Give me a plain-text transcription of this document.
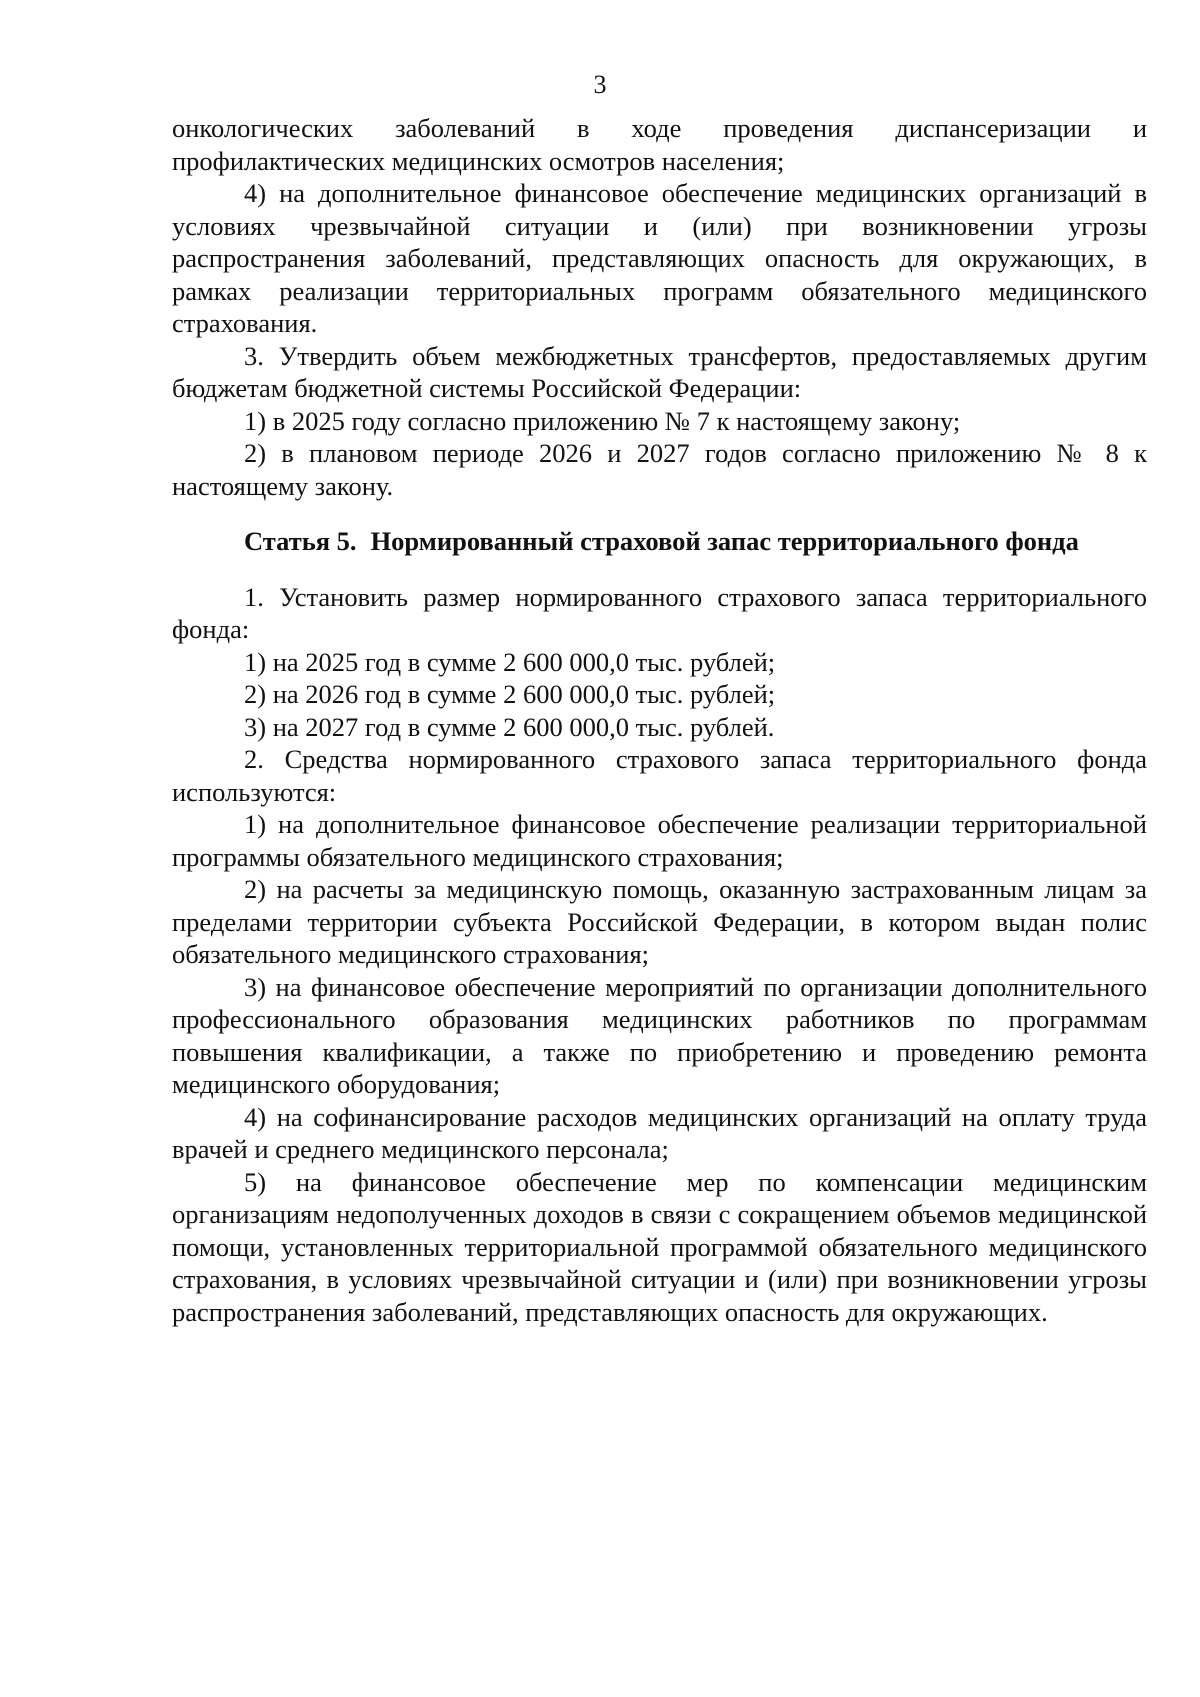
3

онкологических заболеваний в ходе проведения диспансеризации и профилактических медицинских осмотров населения;

4) на дополнительное финансовое обеспечение медицинских организаций в условиях чрезвычайной ситуации и (или) при возникновении угрозы распространения заболеваний, представляющих опасность для окружающих, в рамках реализации территориальных программ обязательного медицинского страхования.

3. Утвердить объем межбюджетных трансфертов, предоставляемых другим бюджетам бюджетной системы Российской Федерации:

1) в 2025 году согласно приложению № 7 к настоящему закону;

2) в плановом периоде 2026 и 2027 годов согласно приложению № 8 к настоящему закону.

Статья 5. Нормированный страховой запас территориального фонда

1. Установить размер нормированного страхового запаса территориального фонда:

1) на 2025 год в сумме 2 600 000,0 тыс. рублей;

2) на 2026 год в сумме 2 600 000,0 тыс. рублей;

3) на 2027 год в сумме 2 600 000,0 тыс. рублей.

2. Средства нормированного страхового запаса территориального фонда используются:

1) на дополнительное финансовое обеспечение реализации территориальной программы обязательного медицинского страхования;

2) на расчеты за медицинскую помощь, оказанную застрахованным лицам за пределами территории субъекта Российской Федерации, в котором выдан полис обязательного медицинского страхования;

3) на финансовое обеспечение мероприятий по организации дополнительного профессионального образования медицинских работников по программам повышения квалификации, а также по приобретению и проведению ремонта медицинского оборудования;

4) на софинансирование расходов медицинских организаций на оплату труда врачей и среднего медицинского персонала;

5) на финансовое обеспечение мер по компенсации медицинским организациям недополученных доходов в связи с сокращением объемов медицинской помощи, установленных территориальной программой обязательного медицинского страхования, в условиях чрезвычайной ситуации и (или) при возникновении угрозы распространения заболеваний, представляющих опасность для окружающих.
